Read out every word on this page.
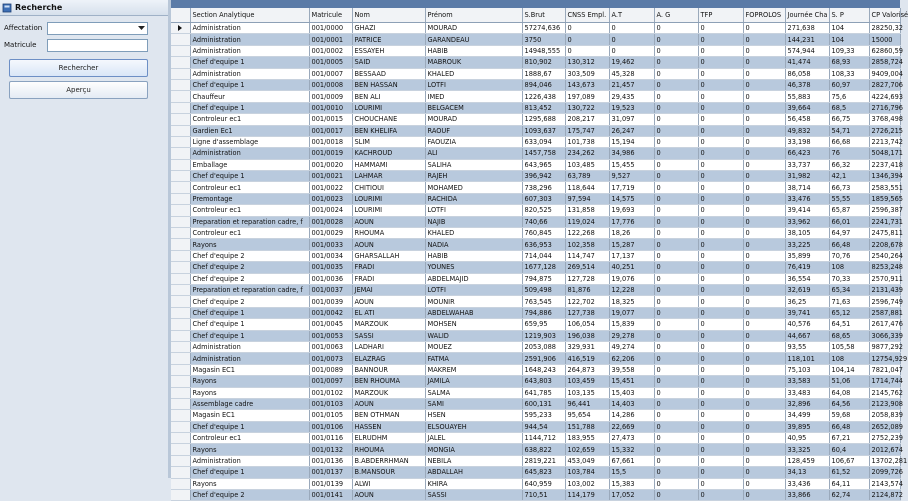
Recherche
Affectation
Matricule
Rechercher
Aperçu
	Section Analytique	Matricule	Nom	Prénom	S.Brut	CNSS Empl.	A.T	A. G	TFP	FOPROLOS	Journée Cha	S. P	CP Valorisé
	Administration	001/0000	GHAZI	MOURAD	57274,636	0	0	0	0	0	271,638	104	28250,32
	Administration	001/0001	PATRICE	GARANDEAU	3750	0	0	0	0	0	144,231	104	15000
	Administration	001/0002	ESSAYEH	HABIB	14948,555	0	0	0	0	0	574,944	109,33	62860,59
	Chef d'equipe 1	001/0005	SAID	MABROUK	810,902	130,312	19,462	0	0	0	41,474	68,93	2858,724
	Administration	001/0007	BESSAAD	KHALED	1888,67	303,509	45,328	0	0	0	86,058	108,33	9409,004
	Chef d'equipe 1	001/0008	BEN HASSAN	LOTFI	894,046	143,673	21,457	0	0	0	46,378	60,97	2827,706
	Chauffeur	001/0009	BEN ALI	IMED	1226,438	197,089	29,435	0	0	0	55,883	75,6	4224,693
	Chef d'equipe 1	001/0010	LOURIMI	BELGACEM	813,452	130,722	19,523	0	0	0	39,664	68,5	2716,796
	Controleur ec1	001/0015	CHOUCHANE	MOURAD	1295,688	208,217	31,097	0	0	0	56,458	66,75	3768,498
	Gardien Ec1	001/0017	BEN KHELIFA	RAOUF	1093,637	175,747	26,247	0	0	0	49,832	54,71	2726,215
	Ligne d'assemblage	001/0018	SLIM	FAOUZIA	633,094	101,738	15,194	0	0	0	33,198	66,68	2213,742
	Administration	001/0019	KACHROUD	ALI	1457,758	234,262	34,986	0	0	0	66,423	76	5048,171
	Emballage	001/0020	HAMMAMI	SALIHA	643,965	103,485	15,455	0	0	0	33,737	66,32	2237,418
	Chef d'equipe 1	001/0021	LAHMAR	RAJEH	396,942	63,789	9,527	0	0	0	31,982	42,1	1346,394
	Controleur ec1	001/0022	CHITIOUI	MOHAMED	738,296	118,644	17,719	0	0	0	38,714	66,73	2583,551
	Premontage	001/0023	LOURIMI	RACHIDA	607,303	97,594	14,575	0	0	0	33,476	55,55	1859,565
	Controleur ec1	001/0024	LOURIMI	LOTFI	820,525	131,858	19,693	0	0	0	39,414	65,87	2596,387
	Preparation et reparation cadre, f	001/0028	AOUN	NAJIB	740,66	119,024	17,776	0	0	0	33,962	66,01	2241,731
	Controleur ec1	001/0029	RHOUMA	KHALED	760,845	122,268	18,26	0	0	0	38,105	64,97	2475,811
	Rayons	001/0033	AOUN	NADIA	636,953	102,358	15,287	0	0	0	33,225	66,48	2208,678
	Chef d'equipe 2	001/0034	GHARSALLAH	HABIB	714,044	114,747	17,137	0	0	0	35,899	70,76	2540,264
	Chef d'equipe 2	001/0035	FRADI	YOUNES	1677,128	269,514	40,251	0	0	0	76,419	108	8253,248
	Chef d'equipe 2	001/0036	FRADI	ABDELMAJID	794,875	127,728	19,076	0	0	0	36,554	70,33	2570,911
	Preparation et reparation cadre, f	001/0037	JEMAI	LOTFI	509,498	81,876	12,228	0	0	0	32,619	65,34	2131,439
	Chef d'equipe 2	001/0039	AOUN	MOUNIR	763,545	122,702	18,325	0	0	0	36,25	71,63	2596,749
	Chef d'equipe 1	001/0042	EL ATI	ABDELWAHAB	794,886	127,738	19,077	0	0	0	39,741	65,12	2587,881
	Chef d'equipe 1	001/0045	MARZOUK	MOHSEN	659,95	106,054	15,839	0	0	0	40,576	64,51	2617,476
	Chef d'equipe 1	001/0053	SASSI	WALID	1219,903	196,038	29,278	0	0	0	44,667	68,65	3066,339
	Administration	001/0063	LADHARI	MOUEZ	2053,088	329,931	49,274	0	0	0	93,55	105,58	9877,292
	Administration	001/0073	ELAZRAG	FATMA	2591,906	416,519	62,206	0	0	0	118,101	108	12754,929
	Magasin EC1	001/0089	BANNOUR	MAKREM	1648,243	264,873	39,558	0	0	0	75,103	104,14	7821,047
	Rayons	001/0097	BEN RHOUMA	JAMILA	643,803	103,459	15,451	0	0	0	33,583	51,06	1714,744
	Rayons	001/0102	MARZOUK	SALMA	641,785	103,135	15,403	0	0	0	33,483	64,08	2145,762
	Assemblage cadre	001/0103	AOUN	SAMI	600,131	96,441	14,403	0	0	0	32,896	64,56	2123,908
	Magasin EC1	001/0105	BEN OTHMAN	HSEN	595,233	95,654	14,286	0	0	0	34,499	59,68	2058,839
	Chef d'equipe 1	001/0106	HASSEN	ELSOUAYEH	944,54	151,788	22,669	0	0	0	39,895	66,48	2652,089
	Controleur ec1	001/0116	ELRUDHM	JALEL	1144,712	183,955	27,473	0	0	0	40,95	67,21	2752,239
	Rayons	001/0132	RHOUMA	MONGIA	638,822	102,659	15,332	0	0	0	33,325	60,4	2012,674
	Administration	001/0136	B.ABDERRHMAN	NEBILA	2819,221	453,049	67,661	0	0	0	128,459	106,67	13702,281
	Chef d'equipe 1	001/0137	B.MANSOUR	ABDALLAH	645,823	103,784	15,5	0	0	0	34,13	61,52	2099,726
	Rayons	001/0139	ALWI	KHIRA	640,959	103,002	15,383	0	0	0	33,436	64,11	2143,574
	Chef d'equipe 2	001/0141	AOUN	SASSI	710,51	114,179	17,052	0	0	0	33,866	62,74	2124,872
